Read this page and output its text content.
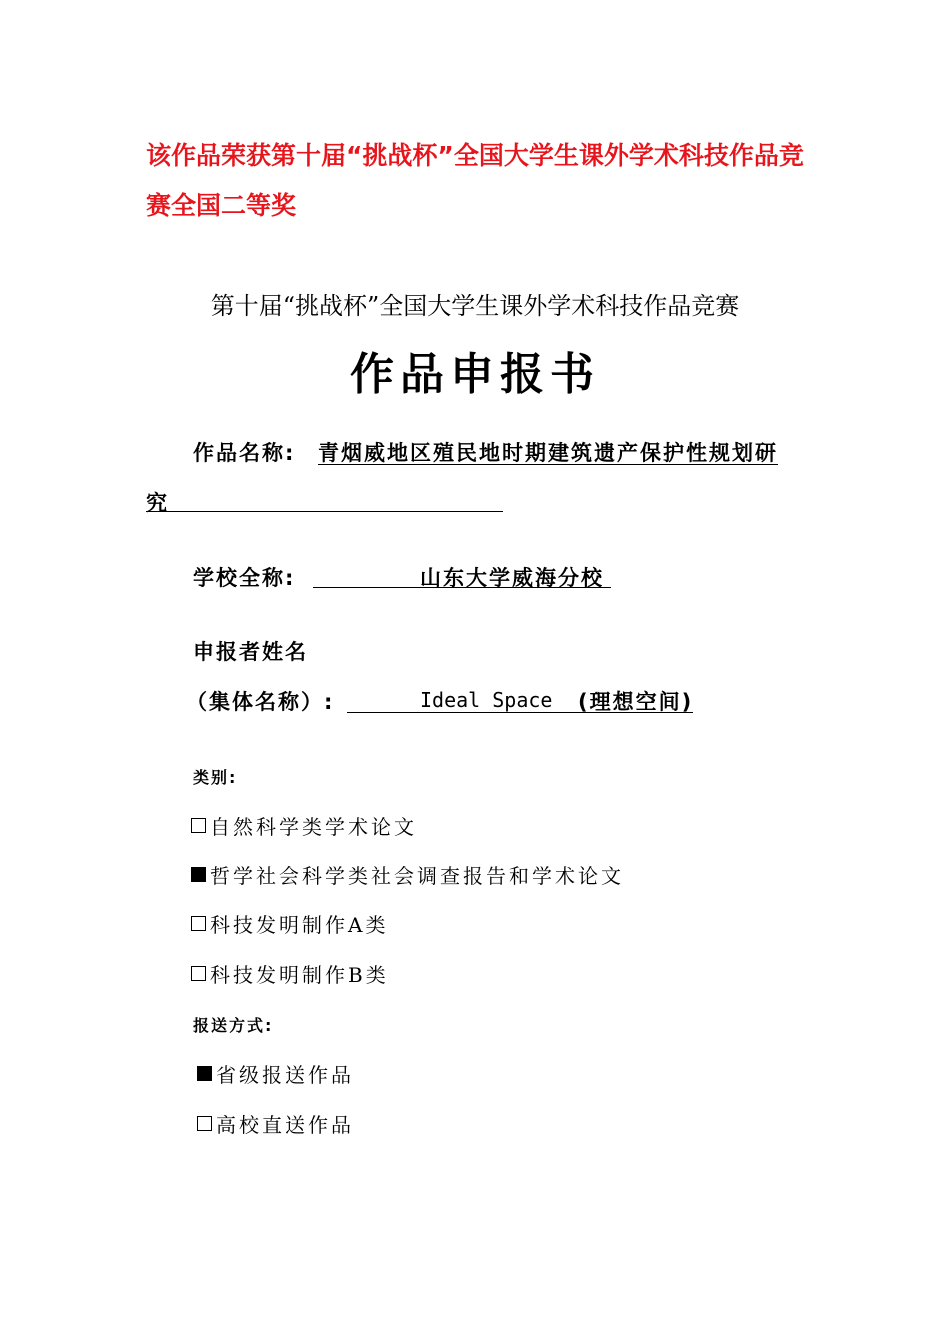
该作品荣获第十届“挑战杯”全国大学生课外学术科技作品竞
赛全国二等奖
第十届“挑战杯”全国大学生课外学术科技作品竞赛
作品申报书
作品名称: 青烟威地区殖民地时期建筑遗产保护性规划研
究
学校全称:	山东大学威海分校
申报者姓名
（集体名称）:	Ideal Space (理想空间)
类别:
自然科学类学术论文
哲学社会科学类社会调查报告和学术论文
科技发明制作A类
科技发明制作B类
报送方式:
省级报送作品
高校直送作品
